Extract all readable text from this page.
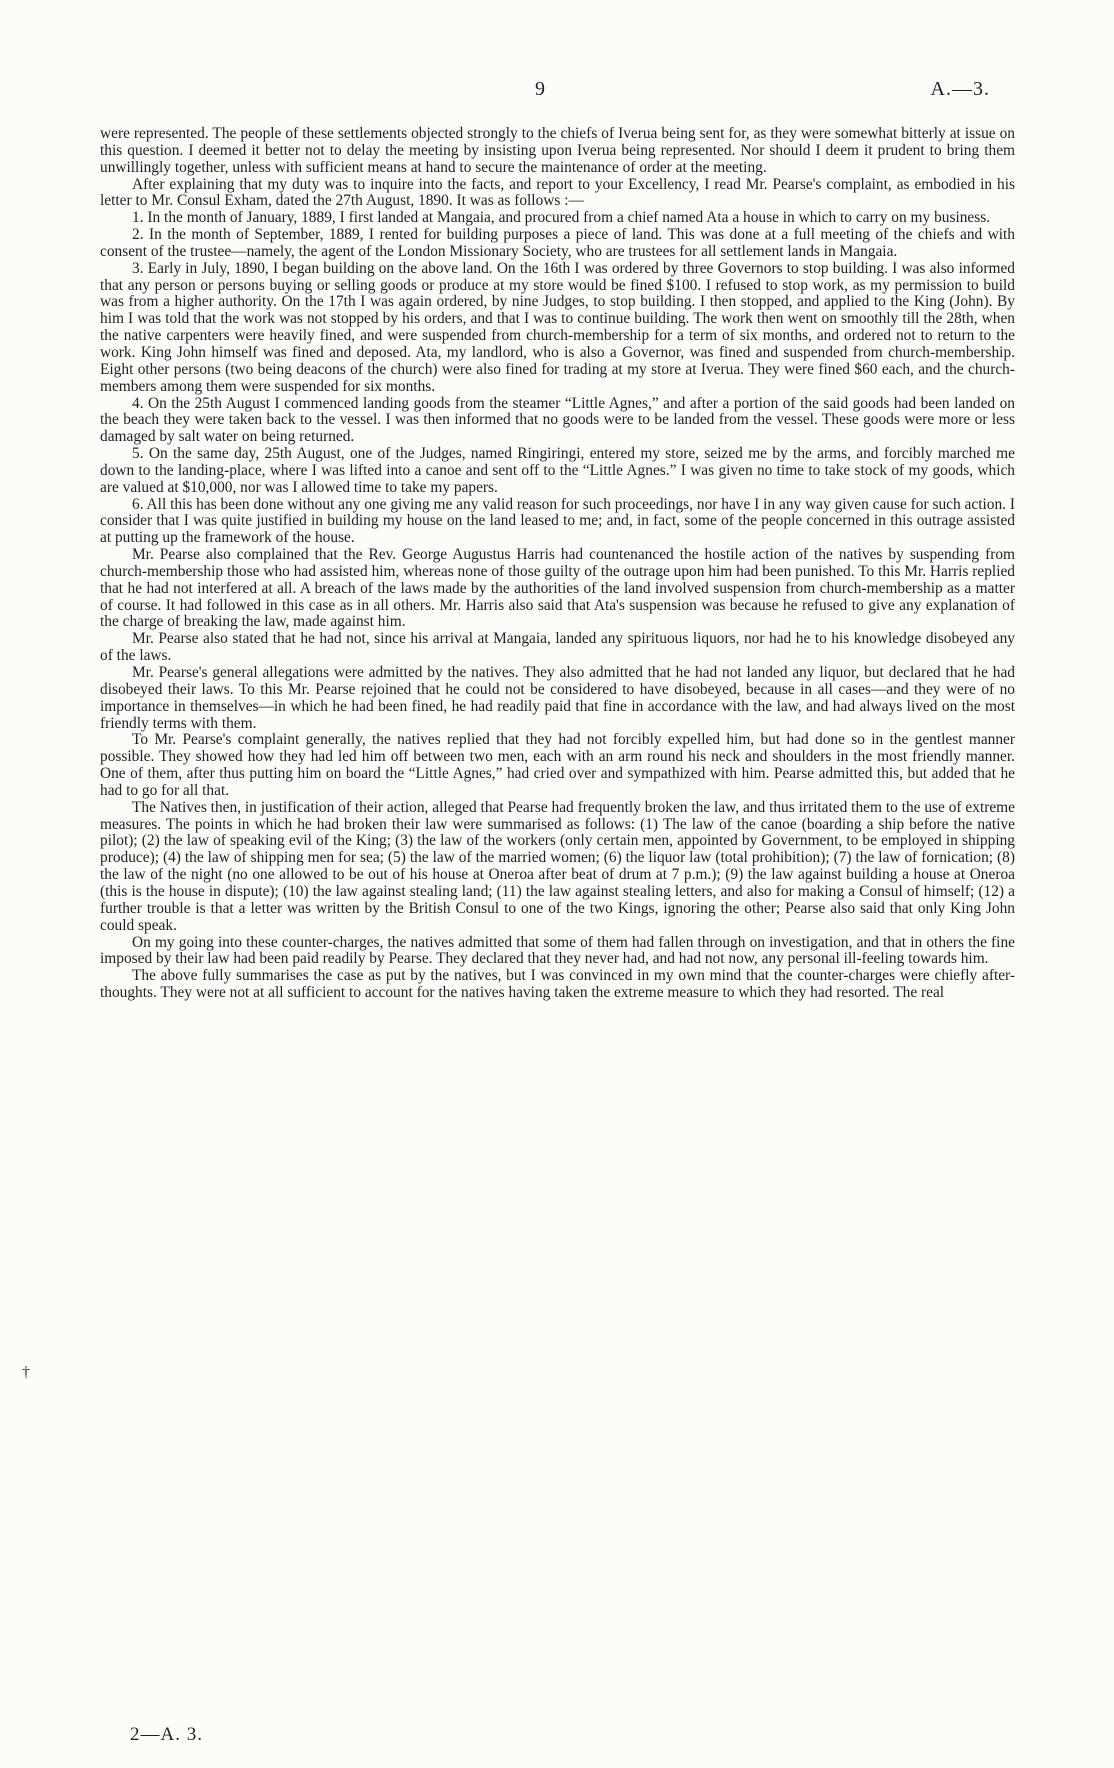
9	A.—3.

were represented. The people of these settlements objected strongly to the chiefs of Iverua being sent for, as they were somewhat bitterly at issue on this question. I deemed it better not to delay the meeting by insisting upon Iverua being represented. Nor should I deem it prudent to bring them unwillingly together, unless with sufficient means at hand to secure the maintenance of order at the meeting.

After explaining that my duty was to inquire into the facts, and report to your Excellency, I read Mr. Pearse's complaint, as embodied in his letter to Mr. Consul Exham, dated the 27th August, 1890. It was as follows :—

1. In the month of January, 1889, I first landed at Mangaia, and procured from a chief named Ata a house in which to carry on my business.

2. In the month of September, 1889, I rented for building purposes a piece of land. This was done at a full meeting of the chiefs and with consent of the trustee—namely, the agent of the London Missionary Society, who are trustees for all settlement lands in Mangaia.

3. Early in July, 1890, I began building on the above land. On the 16th I was ordered by three Governors to stop building. I was also informed that any person or persons buying or selling goods or produce at my store would be fined $100. I refused to stop work, as my permission to build was from a higher authority. On the 17th I was again ordered, by nine Judges, to stop building. I then stopped, and applied to the King (John). By him I was told that the work was not stopped by his orders, and that I was to continue building. The work then went on smoothly till the 28th, when the native carpenters were heavily fined, and were suspended from church-membership for a term of six months, and ordered not to return to the work. King John himself was fined and deposed. Ata, my landlord, who is also a Governor, was fined and suspended from church-membership. Eight other persons (two being deacons of the church) were also fined for trading at my store at Iverua. They were fined $60 each, and the church-members among them were suspended for six months.

4. On the 25th August I commenced landing goods from the steamer “Little Agnes,” and after a portion of the said goods had been landed on the beach they were taken back to the vessel. I was then informed that no goods were to be landed from the vessel. These goods were more or less damaged by salt water on being returned.

5. On the same day, 25th August, one of the Judges, named Ringiringi, entered my store, seized me by the arms, and forcibly marched me down to the landing-place, where I was lifted into a canoe and sent off to the “Little Agnes.” I was given no time to take stock of my goods, which are valued at $10,000, nor was I allowed time to take my papers.

6. All this has been done without any one giving me any valid reason for such proceedings, nor have I in any way given cause for such action. I consider that I was quite justified in building my house on the land leased to me; and, in fact, some of the people concerned in this outrage assisted at putting up the framework of the house.

Mr. Pearse also complained that the Rev. George Augustus Harris had countenanced the hostile action of the natives by suspending from church-membership those who had assisted him, whereas none of those guilty of the outrage upon him had been punished. To this Mr. Harris replied that he had not interfered at all. A breach of the laws made by the authorities of the land involved suspension from church-membership as a matter of course. It had followed in this case as in all others. Mr. Harris also said that Ata's suspension was because he refused to give any explanation of the charge of breaking the law, made against him.

Mr. Pearse also stated that he had not, since his arrival at Mangaia, landed any spirituous liquors, nor had he to his knowledge disobeyed any of the laws.

Mr. Pearse's general allegations were admitted by the natives. They also admitted that he had not landed any liquor, but declared that he had disobeyed their laws. To this Mr. Pearse rejoined that he could not be considered to have disobeyed, because in all cases—and they were of no importance in themselves—in which he had been fined, he had readily paid that fine in accordance with the law, and had always lived on the most friendly terms with them.

To Mr. Pearse's complaint generally, the natives replied that they had not forcibly expelled him, but had done so in the gentlest manner possible. They showed how they had led him off between two men, each with an arm round his neck and shoulders in the most friendly manner. One of them, after thus putting him on board the “Little Agnes,” had cried over and sympathized with him. Pearse admitted this, but added that he had to go for all that.

The Natives then, in justification of their action, alleged that Pearse had frequently broken the law, and thus irritated them to the use of extreme measures. The points in which he had broken their law were summarised as follows: (1) The law of the canoe (boarding a ship before the native pilot); (2) the law of speaking evil of the King; (3) the law of the workers (only certain men, appointed by Government, to be employed in shipping produce); (4) the law of shipping men for sea; (5) the law of the married women; (6) the liquor law (total prohibition); (7) the law of fornication; (8) the law of the night (no one allowed to be out of his house at Oneroa after beat of drum at 7 p.m.); (9) the law against building a house at Oneroa (this is the house in dispute); (10) the law against stealing land; (11) the law against stealing letters, and also for making a Consul of himself; (12) a further trouble is that a letter was written by the British Consul to one of the two Kings, ignoring the other; Pearse also said that only King John could speak.

On my going into these counter-charges, the natives admitted that some of them had fallen through on investigation, and that in others the fine imposed by their law had been paid readily by Pearse. They declared that they never had, and had not now, any personal ill-feeling towards him.

The above fully summarises the case as put by the natives, but I was convinced in my own mind that the counter-charges were chiefly after-thoughts. They were not at all sufficient to account for the natives having taken the extreme measure to which they had resorted. The real

†
2—A. 3.
